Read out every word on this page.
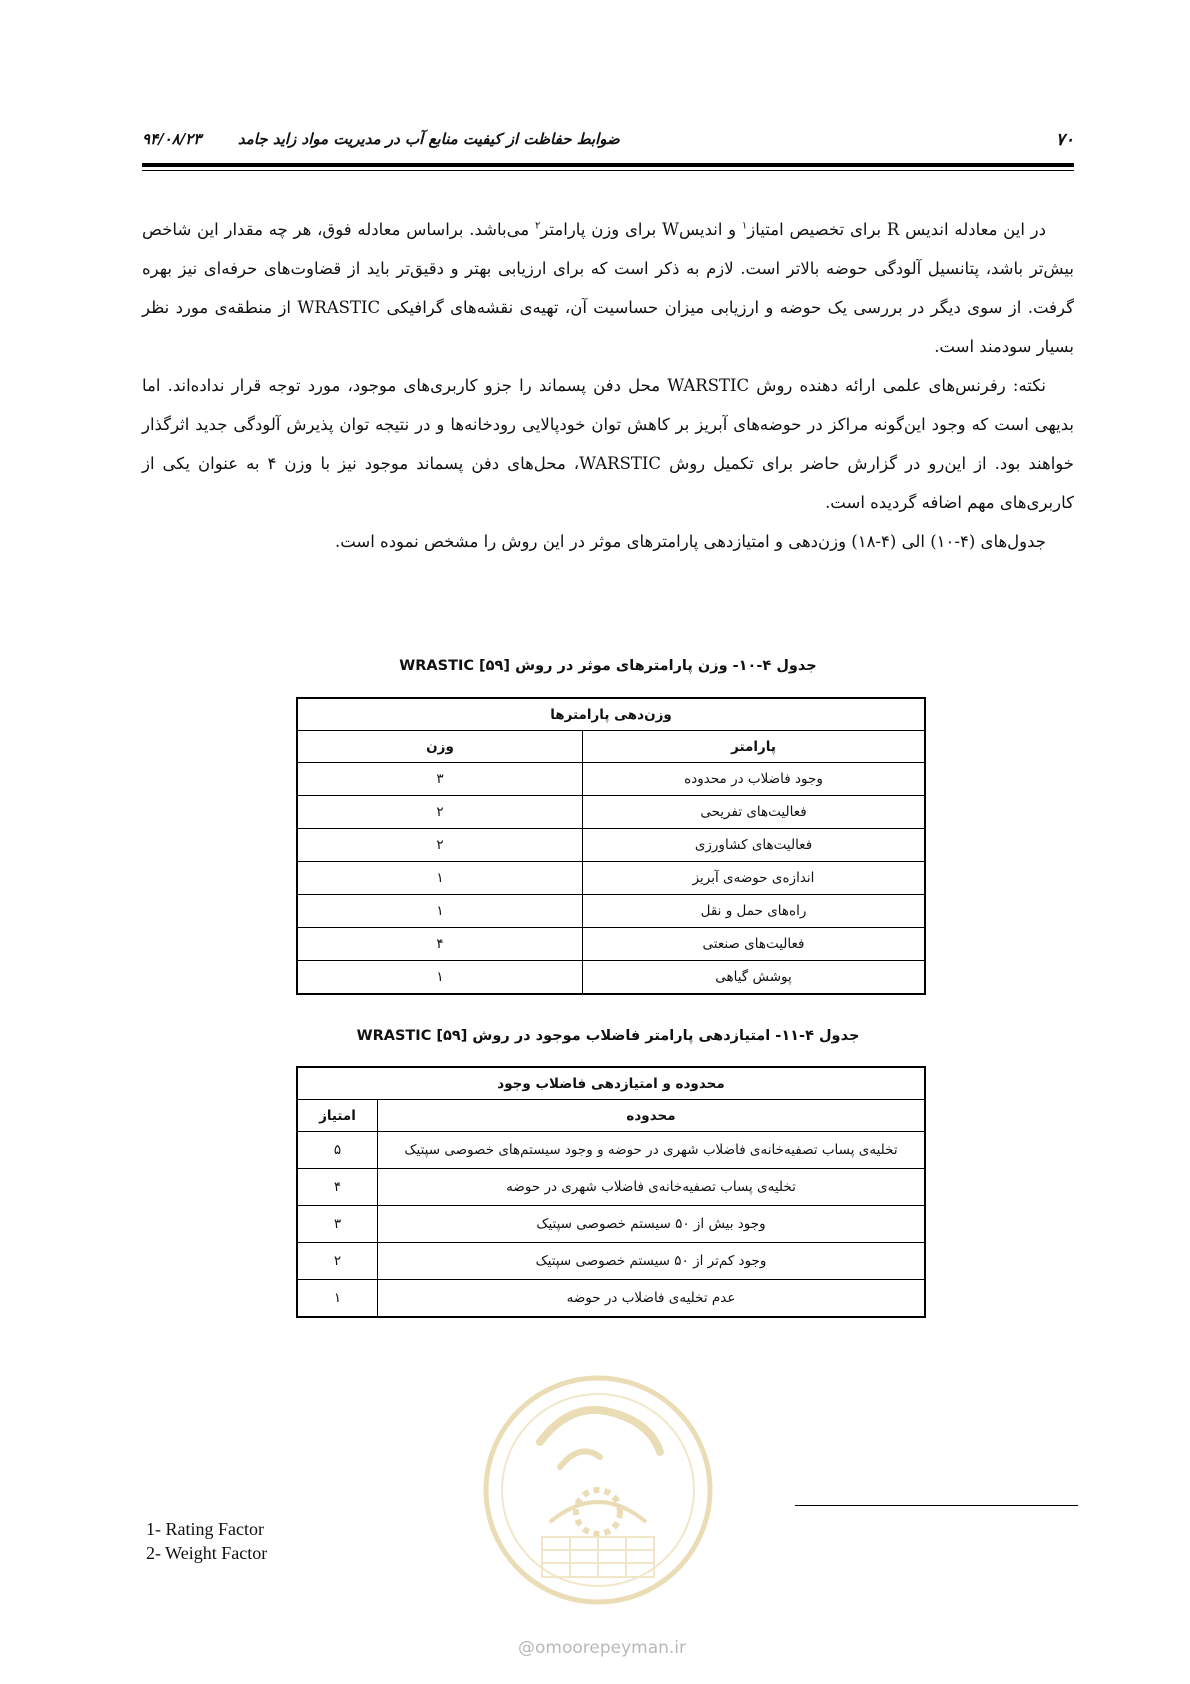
۷۰
ضوابط حفاظت از کیفیت منابع آب در مدیریت مواد زاید جامد       ۹۴/۰۸/۲۳

در این معادله اندیس R برای تخصیص امتیاز$^۱$ و اندیسW برای وزن پارامتر$^۲$ می‌باشد. براساس معادله فوق، هر چه مقدار این شاخص بیش‌تر باشد، پتانسیل آلودگی حوضه بالاتر است. لازم به ذکر است که برای ارزیابی بهتر و دقیق‌تر باید از قضاوت‌های حرفه‌ای نیز بهره گرفت. از سوی دیگر در بررسی یک حوضه و ارزیابی میزان حساسیت آن، تهیه‌ی نقشه‌های گرافیکی WRASTIC از منطقه‌ی مورد نظر بسیار سودمند است.

نکته: رفرنس‌های علمی ارائه دهنده روش WARSTIC محل دفن پسماند را جزو کاربری‌های موجود، مورد توجه قرار نداده‌اند. اما بدیهی است که وجود این‌گونه مراکز در حوضه‌های آبریز بر کاهش توان خودپالایی رودخانه‌ها و در نتیجه توان پذیرش آلودگی جدید اثرگذار خواهند بود. از این‌رو در گزارش حاضر برای تکمیل روش WARSTIC، محل‌های دفن پسماند موجود نیز با وزن ۴ به عنوان یکی از کاربری‌های مهم اضافه گردیده است.

جدول‌های (۴-۱۰) الی (۴-۱۸) وزن‌دهی و امتیازدهی پارامترهای موثر در این روش را مشخص نموده است.

جدول ۴-۱۰- وزن پارامترهای موثر در روش WRASTIC [۵۹]
وزن‌دهی پارامترها	
پارامتر	وزن
وجود فاضلاب در محدوده	۳
فعالیت‌های تفریحی	۲
فعالیت‌های کشاورزی	۲
اندازه‌ی حوضه‌ی آبریز	۱
راه‌های حمل و نقل	۱
فعالیت‌های صنعتی	۴
پوشش گیاهی	۱
جدول ۴-۱۱- امتیازدهی پارامتر فاضلاب موجود در روش WRASTIC [۵۹]
محدوده و امتیازدهی فاضلاب وجود	
محدوده	امتیاز
تخلیه‌ی پساب تصفیه‌خانه‌ی فاضلاب شهری در حوضه و وجود سیستم‌های خصوصی سپتیک	۵
تخلیه‌ی پساب تصفیه‌خانه‌ی فاضلاب شهری در حوضه	۴
وجود بیش از ۵۰ سیستم خصوصی سپتیک	۳
وجود کم‌تر از ۵۰ سیستم خصوصی سپتیک	۲
عدم تخلیه‌ی فاضلاب در حوضه	۱
@omoorepeyman.ir
1- Rating Factor
2- Weight Factor
